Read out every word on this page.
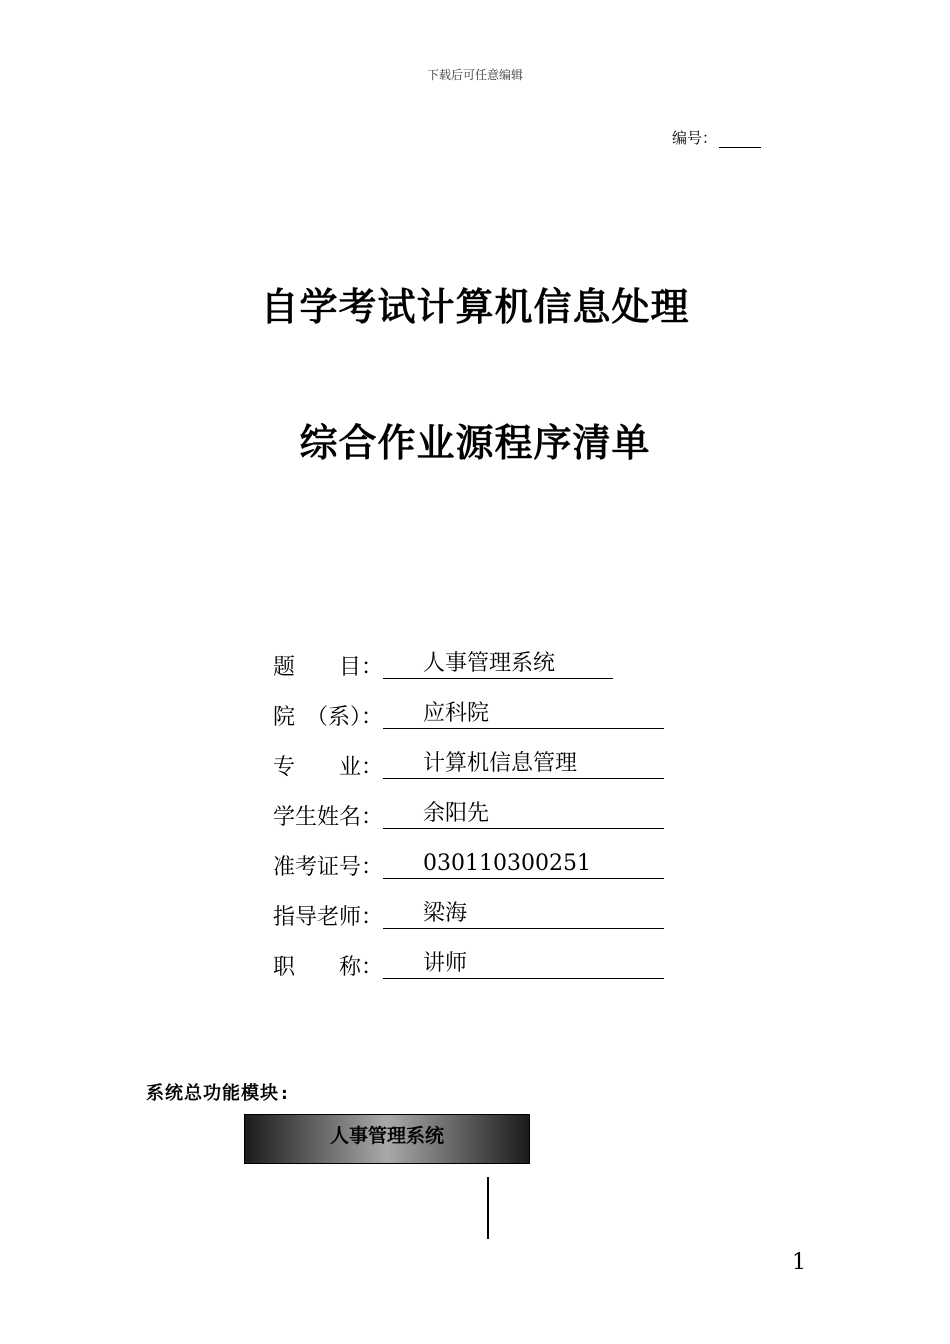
下载后可任意编辑
编号：
自学考试计算机信息处理
综合作业源程序清单
题　　目：	人事管理系统
院　（系）：	应科院
专　　业：	计算机信息管理
学生姓名：	余阳先
准考证号：	030110300251
指导老师：	梁海
职　　称：	讲师
系统总功能模块:
人事管理系统
1
